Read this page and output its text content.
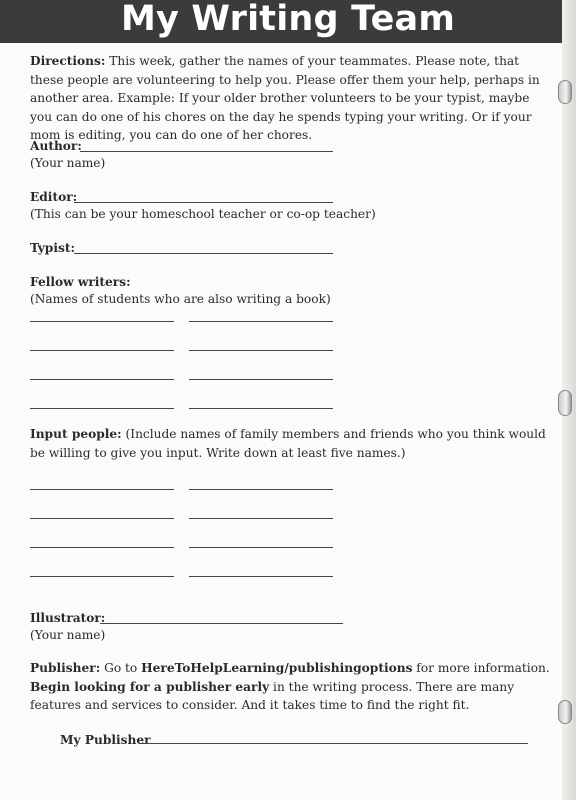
My Writing Team
Directions: This week, gather the names of your teammates. Please note, that these people are volunteering to help you. Please offer them your help, perhaps in another area. Example: If your older brother volunteers to be your typist, maybe you can do one of his chores on the day he spends typing your writing. Or if your mom is editing, you can do one of her chores.
Author:
(Your name)
Editor:
(This can be your homeschool teacher or co-op teacher)
Typist:
Fellow writers:
(Names of students who are also writing a book)
Input people: (Include names of family members and friends who you think would be willing to give you input. Write down at least five names.)
Illustrator:
(Your name)
Publisher: Go to HereToHelpLearning/publishingoptions for more information. Begin looking for a publisher early in the writing process. There are many features and services to consider. And it takes time to find the right fit.
My Publisher
